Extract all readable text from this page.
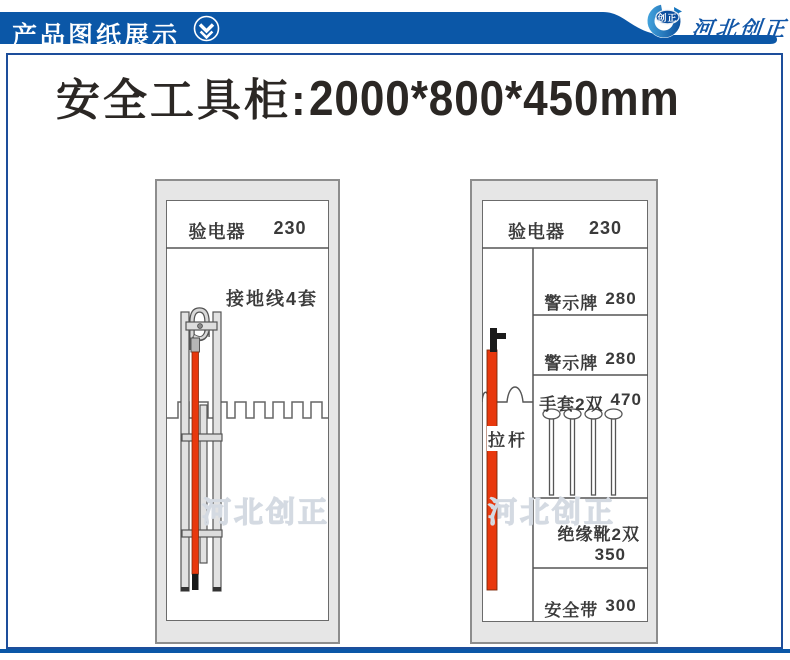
产品图纸展示
创正 河北创正
安全工具柜: 2000*800*450mm
验电器 230
接地线4套
河北创正
验电器 230
警示牌 280
警示牌 280
手套2双 470
绝缘靴2双
350
安全带 300
拉杆
河北创正
